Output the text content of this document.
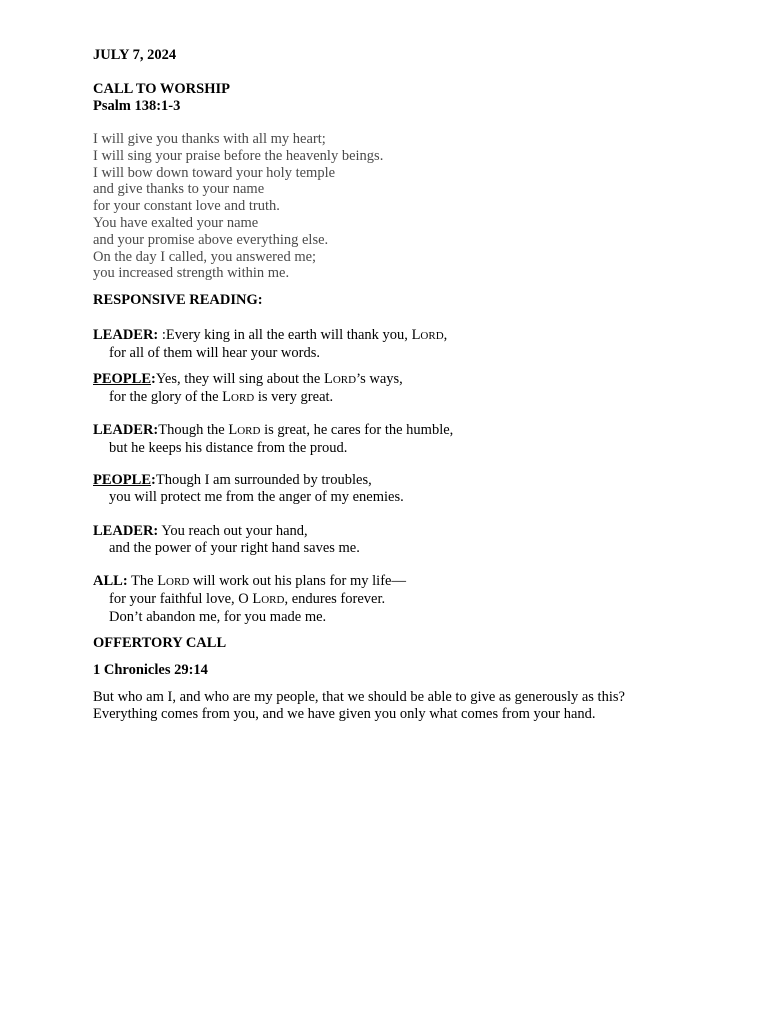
JULY 7, 2024
CALL TO WORSHIP
Psalm 138:1-3
I will give you thanks with all my heart;
I will sing your praise before the heavenly beings.
I will bow down toward your holy temple
and give thanks to your name
for your constant love and truth.
You have exalted your name
and your promise above everything else.
On the day I called, you answered me;
you increased strength within me.
RESPONSIVE READING:
LEADER: :Every king in all the earth will thank you, LORD,
for all of them will hear your words.
PEOPLE:Yes, they will sing about the LORD’s ways,
for the glory of the LORD is very great.
LEADER:Though the LORD is great, he cares for the humble,
but he keeps his distance from the proud.
PEOPLE:Though I am surrounded by troubles,
you will protect me from the anger of my enemies.
LEADER: You reach out your hand,
and the power of your right hand saves me.
ALL: The LORD will work out his plans for my life—
for your faithful love, O LORD, endures forever.
Don’t abandon me, for you made me.
OFFERTORY CALL
1 Chronicles 29:14
But who am I, and who are my people, that we should be able to give as generously as this?
Everything comes from you, and we have given you only what comes from your hand.
